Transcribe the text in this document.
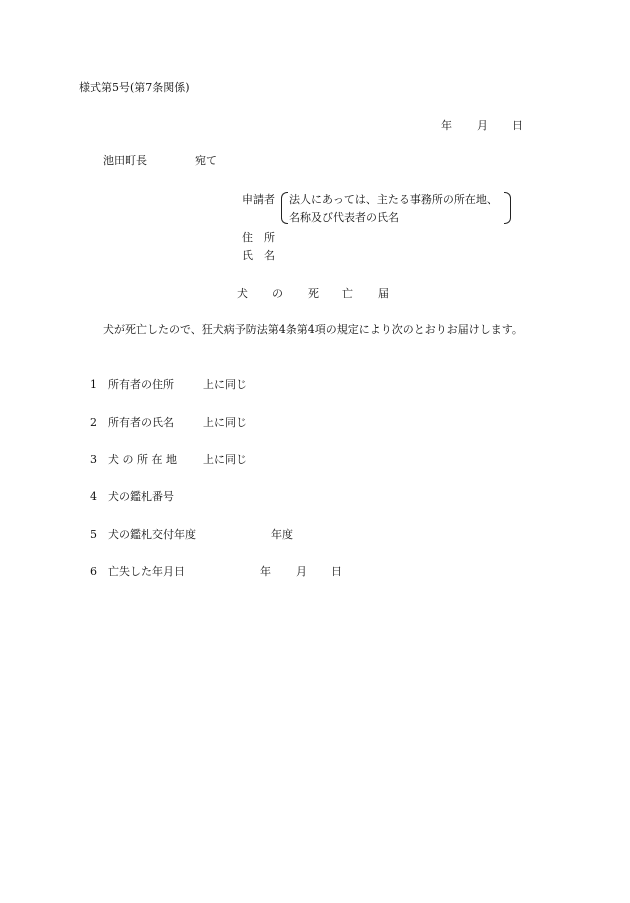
様式第5号(第7条関係)
年 月 日
池田町長	宛て
申請者 法人にあっては、主たる事務所の所在地、
名称及び代表者の氏名
住　所
氏　名
犬 の 死 亡 届
犬が死亡したので、狂犬病予防法第4条第4項の規定により次のとおりお届けします。
1 所有者の住所	上に同じ
2 所有者の氏名	上に同じ
3 犬 の 所 在 地 上に同じ
4 犬の鑑札番号
5 犬の鑑札交付年度	年度
6 亡失した年月日	年 月 日
